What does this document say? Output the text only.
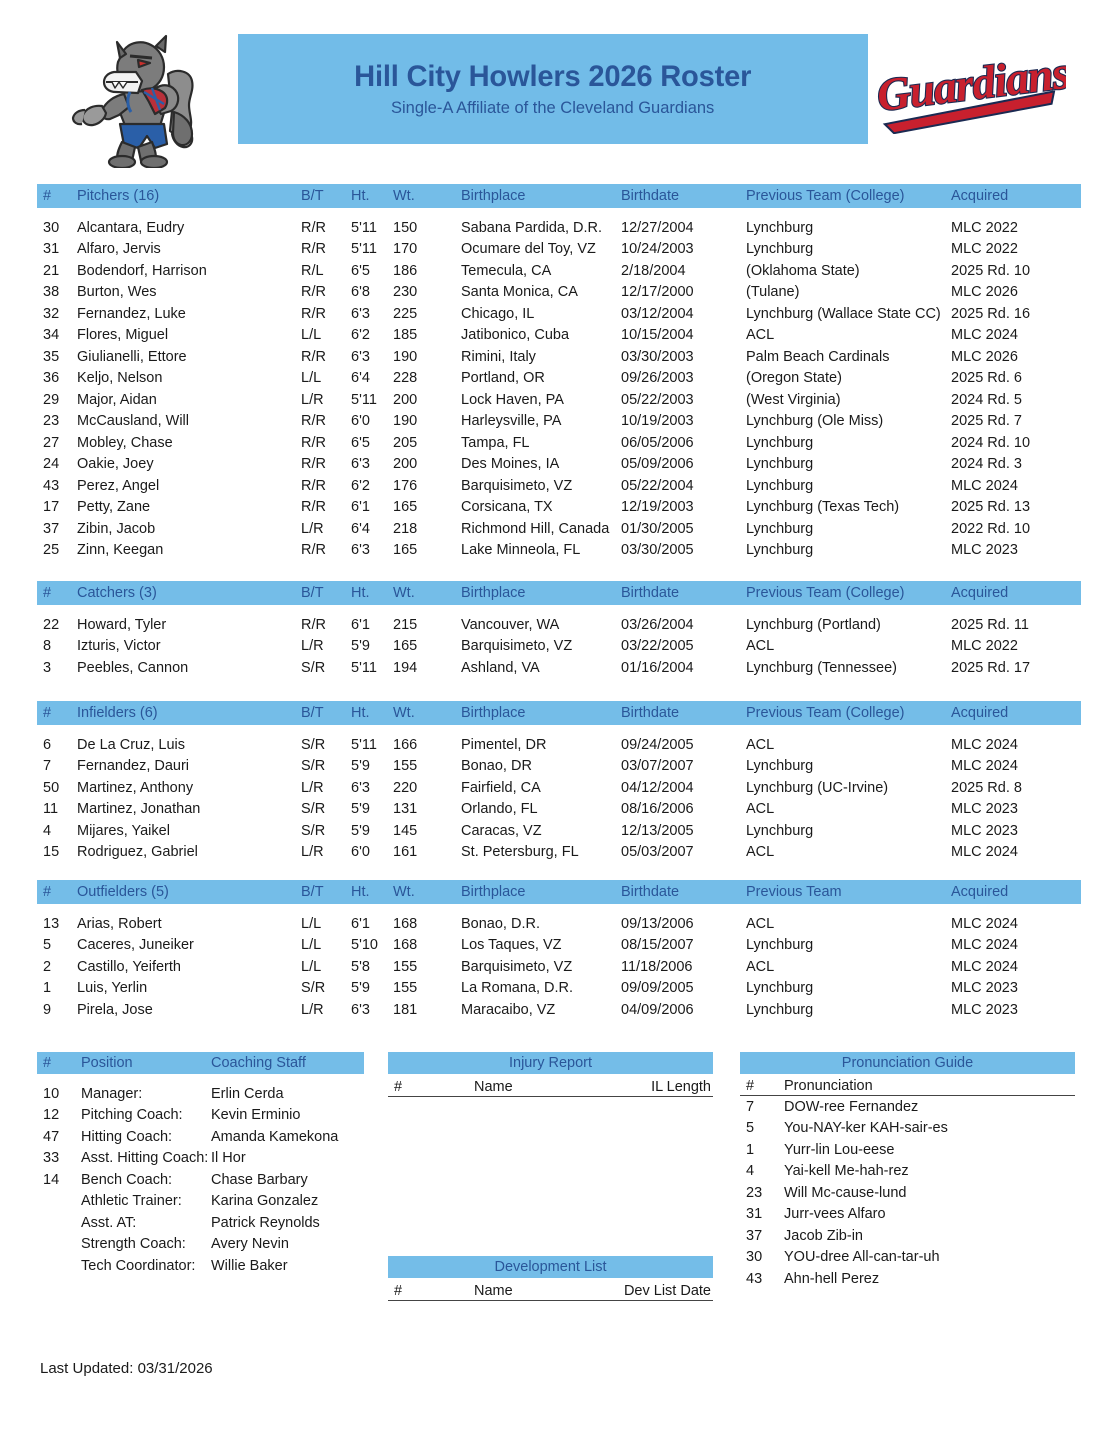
Hill City Howlers 2026 Roster
Single-A Affiliate of the Cleveland Guardians	Guardians
#	Pitchers (16)	B/T	Ht.	Wt.	Birthplace	Birthdate	Previous Team (College)	Acquired

30	Alcantara, Eudry	R/R	5'11	150	Sabana Pardida, D.R.	12/27/2004	Lynchburg	MLC 2022
31	Alfaro, Jervis	R/R	5'11	170	Ocumare del Toy, VZ	10/24/2003	Lynchburg	MLC 2022
21	Bodendorf, Harrison	R/L	6'5	186	Temecula, CA	2/18/2004	(Oklahoma State)	2025 Rd. 10
38	Burton, Wes	R/R	6'8	230	Santa Monica, CA	12/17/2000	(Tulane)	MLC 2026
32	Fernandez, Luke	R/R	6'3	225	Chicago, IL	03/12/2004	Lynchburg (Wallace State CC)	2025 Rd. 16
34	Flores, Miguel	L/L	6'2	185	Jatibonico, Cuba	10/15/2004	ACL	MLC 2024
35	Giulianelli, Ettore	R/R	6'3	190	Rimini, Italy	03/30/2003	Palm Beach Cardinals	MLC 2026
36	Keljo, Nelson	L/L	6'4	228	Portland, OR	09/26/2003	(Oregon State)	2025 Rd. 6
29	Major, Aidan	L/R	5'11	200	Lock Haven, PA	05/22/2003	(West Virginia)	2024 Rd. 5
23	McCausland, Will	R/R	6'0	190	Harleysville, PA	10/19/2003	Lynchburg (Ole Miss)	2025 Rd. 7
27	Mobley, Chase	R/R	6'5	205	Tampa, FL	06/05/2006	Lynchburg	2024 Rd. 10
24	Oakie, Joey	R/R	6'3	200	Des Moines, IA	05/09/2006	Lynchburg	2024 Rd. 3
43	Perez, Angel	R/R	6'2	176	Barquisimeto, VZ	05/22/2004	Lynchburg	MLC 2024
17	Petty, Zane	R/R	6'1	165	Corsicana, TX	12/19/2003	Lynchburg (Texas Tech)	2025 Rd. 13
37	Zibin, Jacob	L/R	6'4	218	Richmond Hill, Canada	01/30/2005	Lynchburg	2022 Rd. 10
25	Zinn, Keegan	R/R	6'3	165	Lake Minneola, FL	03/30/2005	Lynchburg	MLC 2023
#	Catchers (3)	B/T	Ht.	Wt.	Birthplace	Birthdate	Previous Team (College)	Acquired

22	Howard, Tyler	R/R	6'1	215	Vancouver, WA	03/26/2004	Lynchburg (Portland)	2025 Rd. 11
8	Izturis, Victor	L/R	5'9	165	Barquisimeto, VZ	03/22/2005	ACL	MLC 2022
3	Peebles, Cannon	S/R	5'11	194	Ashland, VA	01/16/2004	Lynchburg (Tennessee)	2025 Rd. 17
#	Infielders (6)	B/T	Ht.	Wt.	Birthplace	Birthdate	Previous Team (College)	Acquired

6	De La Cruz, Luis	S/R	5'11	166	Pimentel, DR	09/24/2005	ACL	MLC 2024
7	Fernandez, Dauri	S/R	5'9	155	Bonao, DR	03/07/2007	Lynchburg	MLC 2024
50	Martinez, Anthony	L/R	6'3	220	Fairfield, CA	04/12/2004	Lynchburg (UC-Irvine)	2025 Rd. 8
11	Martinez, Jonathan	S/R	5'9	131	Orlando, FL	08/16/2006	ACL	MLC 2023
4	Mijares, Yaikel	S/R	5'9	145	Caracas, VZ	12/13/2005	Lynchburg	MLC 2023
15	Rodriguez, Gabriel	L/R	6'0	161	St. Petersburg, FL	05/03/2007	ACL	MLC 2024
#	Outfielders (5)	B/T	Ht.	Wt.	Birthplace	Birthdate	Previous Team	Acquired

13	Arias, Robert	L/L	6'1	168	Bonao, D.R.	09/13/2006	ACL	MLC 2024
5	Caceres, Juneiker	L/L	5'10	168	Los Taques, VZ	08/15/2007	Lynchburg	MLC 2024
2	Castillo, Yeiferth	L/L	5'8	155	Barquisimeto, VZ	11/18/2006	ACL	MLC 2024
1	Luis, Yerlin	S/R	5'9	155	La Romana, D.R.	09/09/2005	Lynchburg	MLC 2023
9	Pirela, Jose	L/R	6'3	181	Maracaibo, VZ	04/09/2006	Lynchburg	MLC 2023
#	Position	Coaching Staff

10	Manager:	Erlin Cerda
12	Pitching Coach:	Kevin Erminio
47	Hitting Coach:	Amanda Kamekona
33	Asst. Hitting Coach:	Il Hor
14	Bench Coach:	Chase Barbary
	Athletic Trainer:	Karina Gonzalez
	Asst. AT:	Patrick Reynolds
	Strength Coach:	Avery Nevin
	Tech Coordinator:	Willie Baker
Injury Report
#	Name	IL Length
Development List
#	Name	Dev List Date
Pronunciation Guide
#	Pronunciation
7	DOW-ree Fernandez
5	You-NAY-ker KAH-sair-es
1	Yurr-lin Lou-eese
4	Yai-kell Me-hah-rez
23	Will Mc-cause-lund
31	Jurr-vees Alfaro
37	Jacob Zib-in
30	YOU-dree All-can-tar-uh
43	Ahn-hell Perez
Last Updated: 03/31/2026
